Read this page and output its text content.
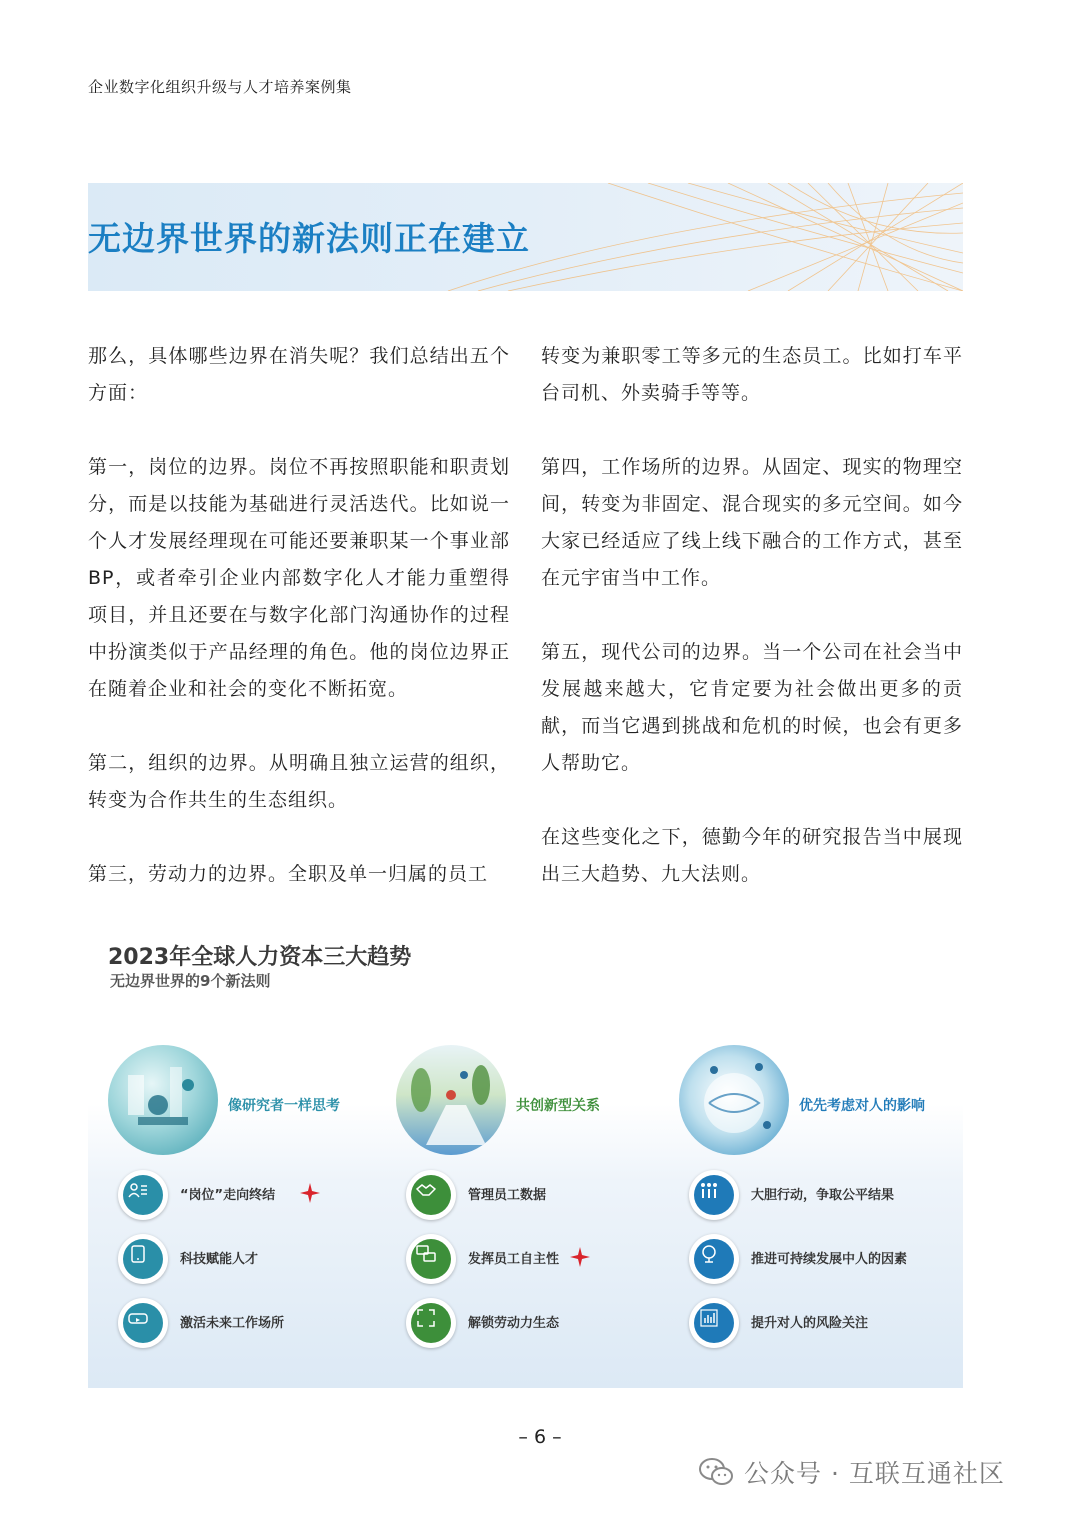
企业数字化组织升级与人才培养案例集
无边界世界的新法则正在建立

那么，具体哪些边界在消失呢？我们总结出五个方面：

第一，岗位的边界。岗位不再按照职能和职责划分，而是以技能为基础进行灵活迭代。比如说一个人才发展经理现在可能还要兼职某一个事业部 BP，或者牵引企业内部数字化人才能力重塑得项目，并且还要在与数字化部门沟通协作的过程中扮演类似于产品经理的角色。他的岗位边界正在随着企业和社会的变化不断拓宽。

第二，组织的边界。从明确且独立运营的组织，转变为合作共生的生态组织。

第三，劳动力的边界。全职及单一归属的员工

转变为兼职零工等多元的生态员工。比如打车平台司机、外卖骑手等等。

第四，工作场所的边界。从固定、现实的物理空间，转变为非固定、混合现实的多元空间。如今大家已经适应了线上线下融合的工作方式，甚至在元宇宙当中工作。

第五，现代公司的边界。当一个公司在社会当中发展越来越大，它肯定要为社会做出更多的贡献，而当它遇到挑战和危机的时候，也会有更多人帮助它。

在这些变化之下，德勤今年的研究报告当中展现出三大趋势、九大法则。

2023年全球人力资本三大趋势
无边界世界的9个新法则
像研究者一样思考
“岗位”走向终结
科技赋能人才
激活未来工作场所
共创新型关系
管理员工数据
发挥员工自主性
解锁劳动力生态
优先考虑对人的影响
大胆行动，争取公平结果
推进可持续发展中人的因素
提升对人的风险关注
– 6 –
公众号 · 互联互通社区
